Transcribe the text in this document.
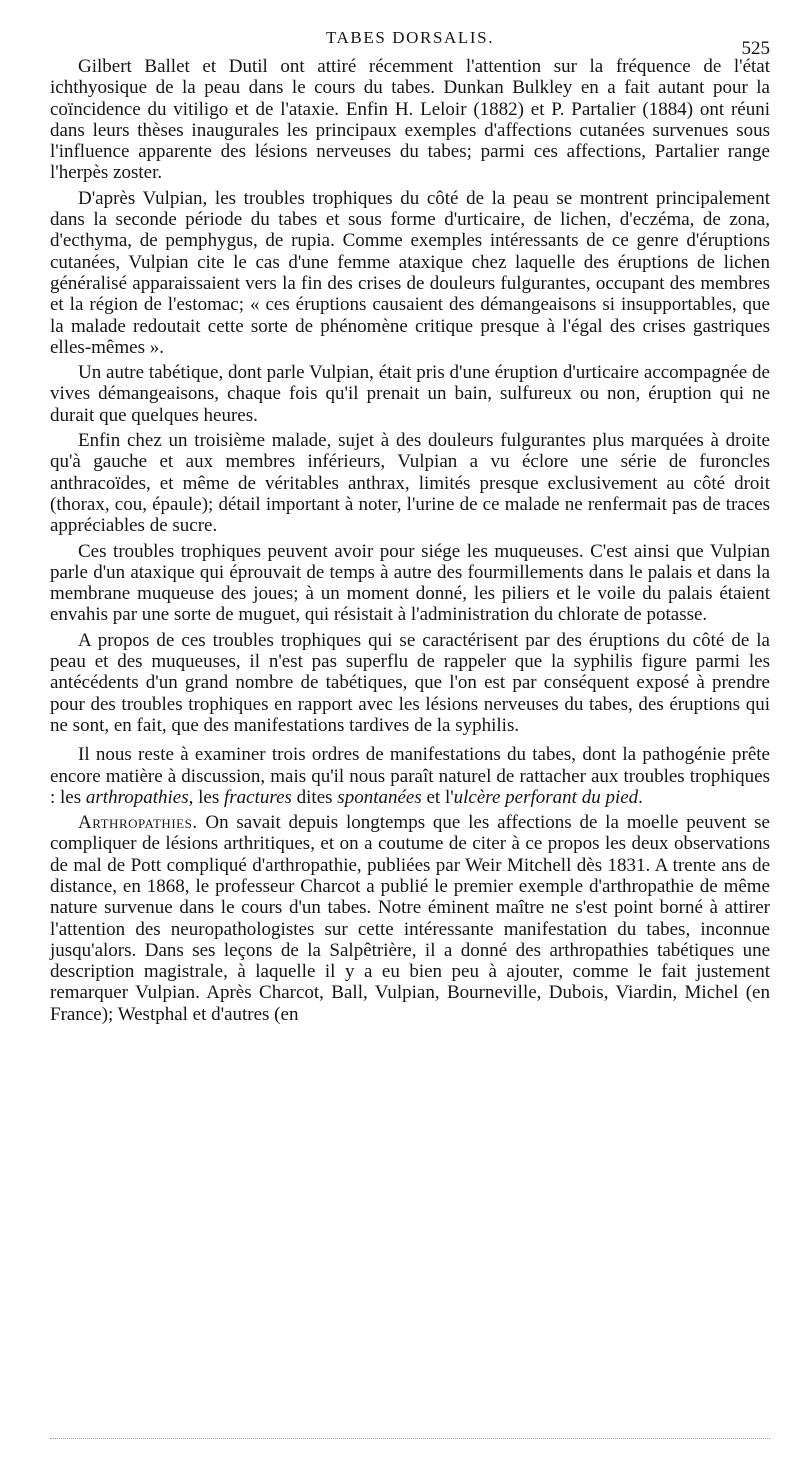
TABES DORSALIS.
525

Gilbert Ballet et Dutil ont attiré récemment l'attention sur la fréquence de l'état ichthyosique de la peau dans le cours du tabes. Dunkan Bulkley en a fait autant pour la coïncidence du vitiligo et de l'ataxie. Enfin H. Leloir (1882) et P. Partalier (1884) ont réuni dans leurs thèses inaugurales les principaux exemples d'affections cutanées survenues sous l'influence apparente des lésions nerveuses du tabes; parmi ces affections, Partalier range l'herpès zoster.

D'après Vulpian, les troubles trophiques du côté de la peau se montrent principalement dans la seconde période du tabes et sous forme d'urticaire, de lichen, d'eczéma, de zona, d'ecthyma, de pemphygus, de rupia. Comme exemples intéressants de ce genre d'éruptions cutanées, Vulpian cite le cas d'une femme ataxique chez laquelle des éruptions de lichen généralisé apparaissaient vers la fin des crises de douleurs fulgurantes, occupant des membres et la région de l'estomac; « ces éruptions causaient des démangeaisons si insupportables, que la malade redoutait cette sorte de phénomène critique presque à l'égal des crises gastriques elles-mêmes ».

Un autre tabétique, dont parle Vulpian, était pris d'une éruption d'urticaire accompagnée de vives démangeaisons, chaque fois qu'il prenait un bain, sulfureux ou non, éruption qui ne durait que quelques heures.

Enfin chez un troisième malade, sujet à des douleurs fulgurantes plus marquées à droite qu'à gauche et aux membres inférieurs, Vulpian a vu éclore une série de furoncles anthracoïdes, et même de véritables anthrax, limités presque exclusivement au côté droit (thorax, cou, épaule); détail important à noter, l'urine de ce malade ne renfermait pas de traces appréciables de sucre.

Ces troubles trophiques peuvent avoir pour siége les muqueuses. C'est ainsi que Vulpian parle d'un ataxique qui éprouvait de temps à autre des fourmillements dans le palais et dans la membrane muqueuse des joues; à un moment donné, les piliers et le voile du palais étaient envahis par une sorte de muguet, qui résistait à l'administration du chlorate de potasse.

A propos de ces troubles trophiques qui se caractérisent par des éruptions du côté de la peau et des muqueuses, il n'est pas superflu de rappeler que la syphilis figure parmi les antécédents d'un grand nombre de tabétiques, que l'on est par conséquent exposé à prendre pour des troubles trophiques en rapport avec les lésions nerveuses du tabes, des éruptions qui ne sont, en fait, que des manifestations tardives de la syphilis.

Il nous reste à examiner trois ordres de manifestations du tabes, dont la pathogénie prête encore matière à discussion, mais qu'il nous paraît naturel de rattacher aux troubles trophiques : les arthropathies, les fractures dites spontanées et l'ulcère perforant du pied.

Arthropathies. On savait depuis longtemps que les affections de la moelle peuvent se compliquer de lésions arthritiques, et on a coutume de citer à ce propos les deux observations de mal de Pott compliqué d'arthropathie, publiées par Weir Mitchell dès 1831. A trente ans de distance, en 1868, le professeur Charcot a publié le premier exemple d'arthropathie de même nature survenue dans le cours d'un tabes. Notre éminent maître ne s'est point borné à attirer l'attention des neuropathologistes sur cette intéressante manifestation du tabes, inconnue jusqu'alors. Dans ses leçons de la Salpêtrière, il a donné des arthropathies tabétiques une description magistrale, à laquelle il y a eu bien peu à ajouter, comme le fait justement remarquer Vulpian. Après Charcot, Ball, Vulpian, Bourneville, Dubois, Viardin, Michel (en France); Westphal et d'autres (en
